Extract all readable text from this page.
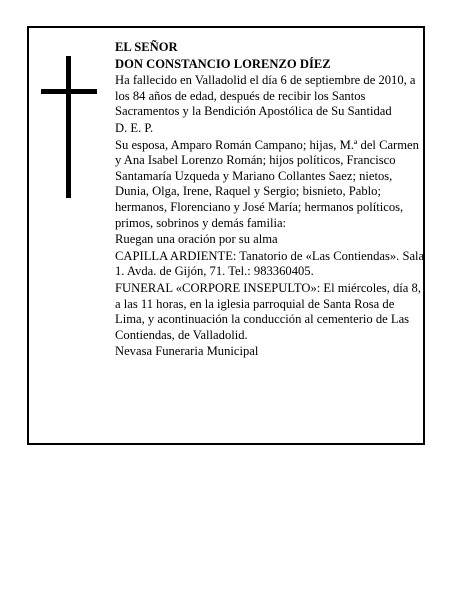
EL SEÑOR

DON CONSTANCIO LORENZO DÍEZ

Ha fallecido en Valladolid el día 6 de septiembre de 2010, a los 84 años de edad, después de recibir los Santos Sacramentos y la Bendición Apostólica de Su Santidad

D. E. P.

Su esposa, Amparo Román Campano; hijas, M.ª del Carmen y Ana Isabel Lorenzo Román; hijos políticos, Francisco Santamaría Uzqueda y Mariano Collantes Saez; nietos, Dunia, Olga, Irene, Raquel y Sergio; bisnieto, Pablo; hermanos, Florenciano y José María; hermanos políticos, primos, sobrinos y demás familia:

Ruegan una oración por su alma

CAPILLA ARDIENTE: Tanatorio de «Las Contiendas». Sala 1. Avda. de Gijón, 71. Tel.: 983360405.

FUNERAL «CORPORE INSEPULTO»: El miércoles, día 8, a las 11 horas, en la iglesia parroquial de Santa Rosa de Lima, y acontinuación la conducción al cementerio de Las Contiendas, de Valladolid.

Nevasa Funeraria Municipal
